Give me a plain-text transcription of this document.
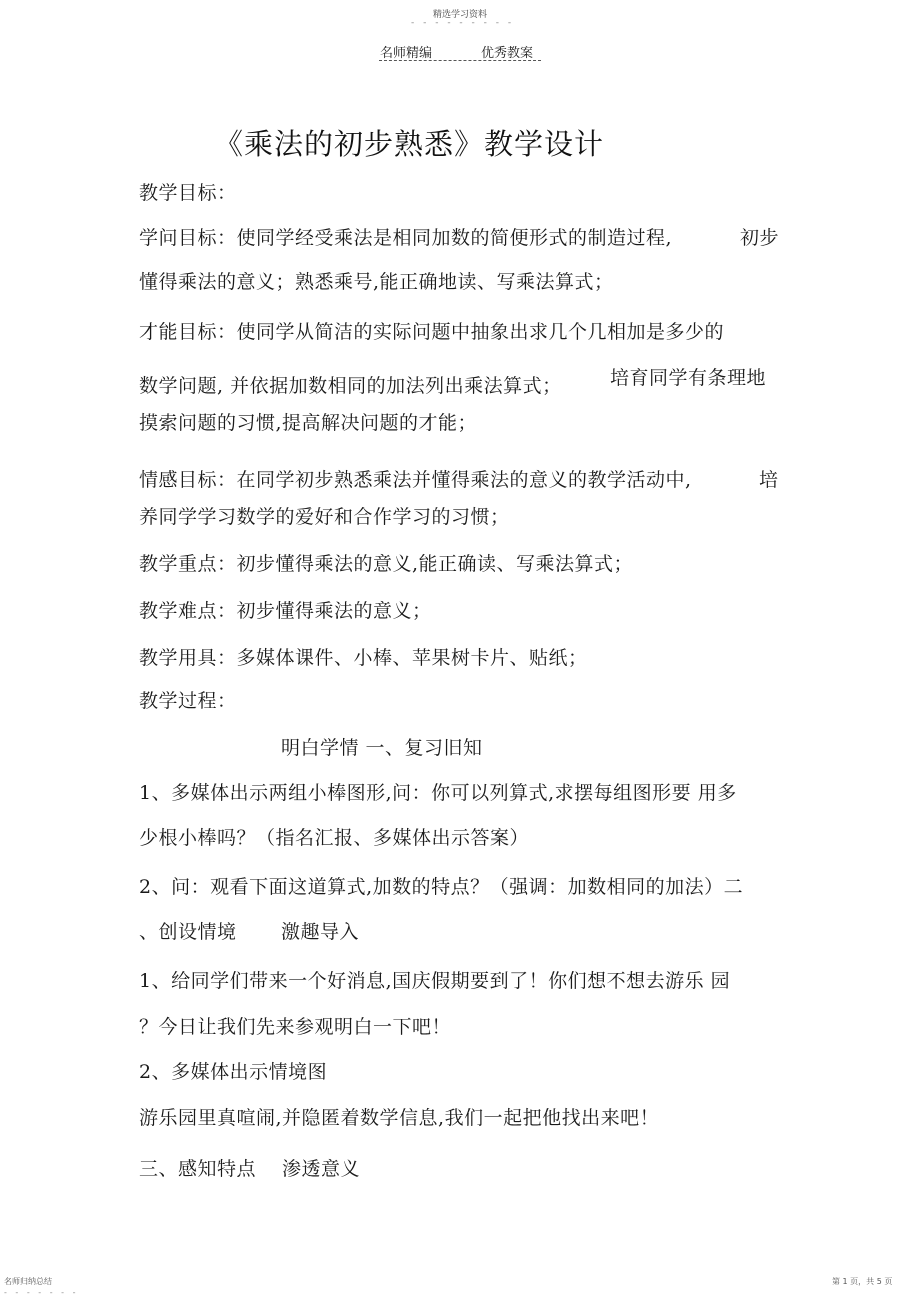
精选学习资料
- - - - - - - - -
名师精编	优秀教案
《乘法的初步熟悉》教学设计
教学目标：
学问目标：使同学经受乘法是相同加数的简便形式的制造过程,	初步
懂得乘法的意义；熟悉乘号,能正确地读、写乘法算式；
才能目标：使同学从简洁的实际问题中抽象出求几个几相加是多少的
数学问题, 并依据加数相同的加法列出乘法算式；	培育同学有条理地
摸索问题的习惯,提高解决问题的才能；
情感目标：在同学初步熟悉乘法并懂得乘法的意义的教学活动中,	培
养同学学习数学的爱好和合作学习的习惯；
教学重点：初步懂得乘法的意义,能正确读、写乘法算式；
教学难点：初步懂得乘法的意义；
教学用具：多媒体课件、小棒、苹果树卡片、贴纸；
教学过程：
明白学情 一、复习旧知
1、多媒体出示两组小棒图形,问：你可以列算式,求摆每组图形要 用多
少根小棒吗？（指名汇报、多媒体出示答案）
2、问：观看下面这道算式,加数的特点？（强调：加数相同的加法）二
、创设情境 激趣导入
1、给同学们带来一个好消息,国庆假期要到了！你们想不想去游乐 园
？今日让我们先来参观明白一下吧！
2、多媒体出示情境图
游乐园里真喧闹,并隐匿着数学信息,我们一起把他找出来吧！
三、感知特点 渗透意义
名师归纳总结
- - - - - - -
第 1 页，共 5 页
